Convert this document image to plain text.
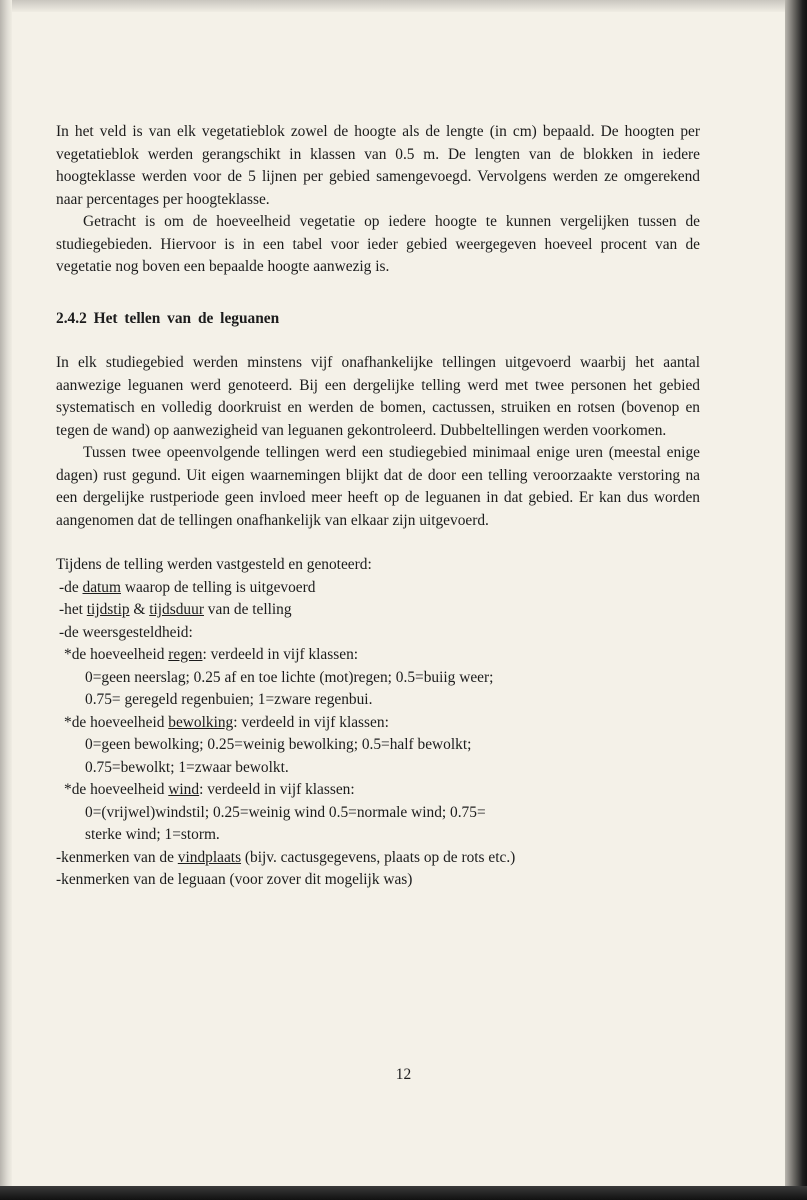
In het veld is van elk vegetatieblok zowel de hoogte als de lengte (in cm) bepaald. De hoogten per vegetatieblok werden gerangschikt in klassen van 0.5 m. De lengten van de blokken in iedere hoogteklasse werden voor de 5 lijnen per gebied samengevoegd. Vervolgens werden ze omgerekend naar percentages per hoogteklasse.

Getracht is om de hoeveelheid vegetatie op iedere hoogte te kunnen vergelijken tussen de studiegebieden. Hiervoor is in een tabel voor ieder gebied weergegeven hoeveel procent van de vegetatie nog boven een bepaalde hoogte aanwezig is.

2.4.2 Het tellen van de leguanen

In elk studiegebied werden minstens vijf onafhankelijke tellingen uitgevoerd waarbij het aantal aanwezige leguanen werd genoteerd. Bij een dergelijke telling werd met twee personen het gebied systematisch en volledig doorkruist en werden de bomen, cactussen, struiken en rotsen (bovenop en tegen de wand) op aanwezigheid van leguanen gekontroleerd. Dubbeltellingen werden voorkomen.

Tussen twee opeenvolgende tellingen werd een studiegebied minimaal enige uren (meestal enige dagen) rust gegund. Uit eigen waarnemingen blijkt dat de door een telling veroorzaakte verstoring na een dergelijke rustperiode geen invloed meer heeft op de leguanen in dat gebied. Er kan dus worden aangenomen dat de tellingen onafhankelijk van elkaar zijn uitgevoerd.

Tijdens de telling werden vastgesteld en genoteerd:

-de datum waarop de telling is uitgevoerd

-het tijdstip & tijdsduur van de telling

-de weersgesteldheid:

*de hoeveelheid regen: verdeeld in vijf klassen:

0=geen neerslag; 0.25 af en toe lichte (mot)regen; 0.5=buiig weer;

0.75= geregeld regenbuien; 1=zware regenbui.

*de hoeveelheid bewolking: verdeeld in vijf klassen:

0=geen bewolking; 0.25=weinig bewolking; 0.5=half bewolkt;

0.75=bewolkt; 1=zwaar bewolkt.

*de hoeveelheid wind: verdeeld in vijf klassen:

0=(vrijwel)windstil; 0.25=weinig wind 0.5=normale wind; 0.75=

sterke wind; 1=storm.

-kenmerken van de vindplaats (bijv. cactusgegevens, plaats op de rots etc.)

-kenmerken van de leguaan (voor zover dit mogelijk was)

12
